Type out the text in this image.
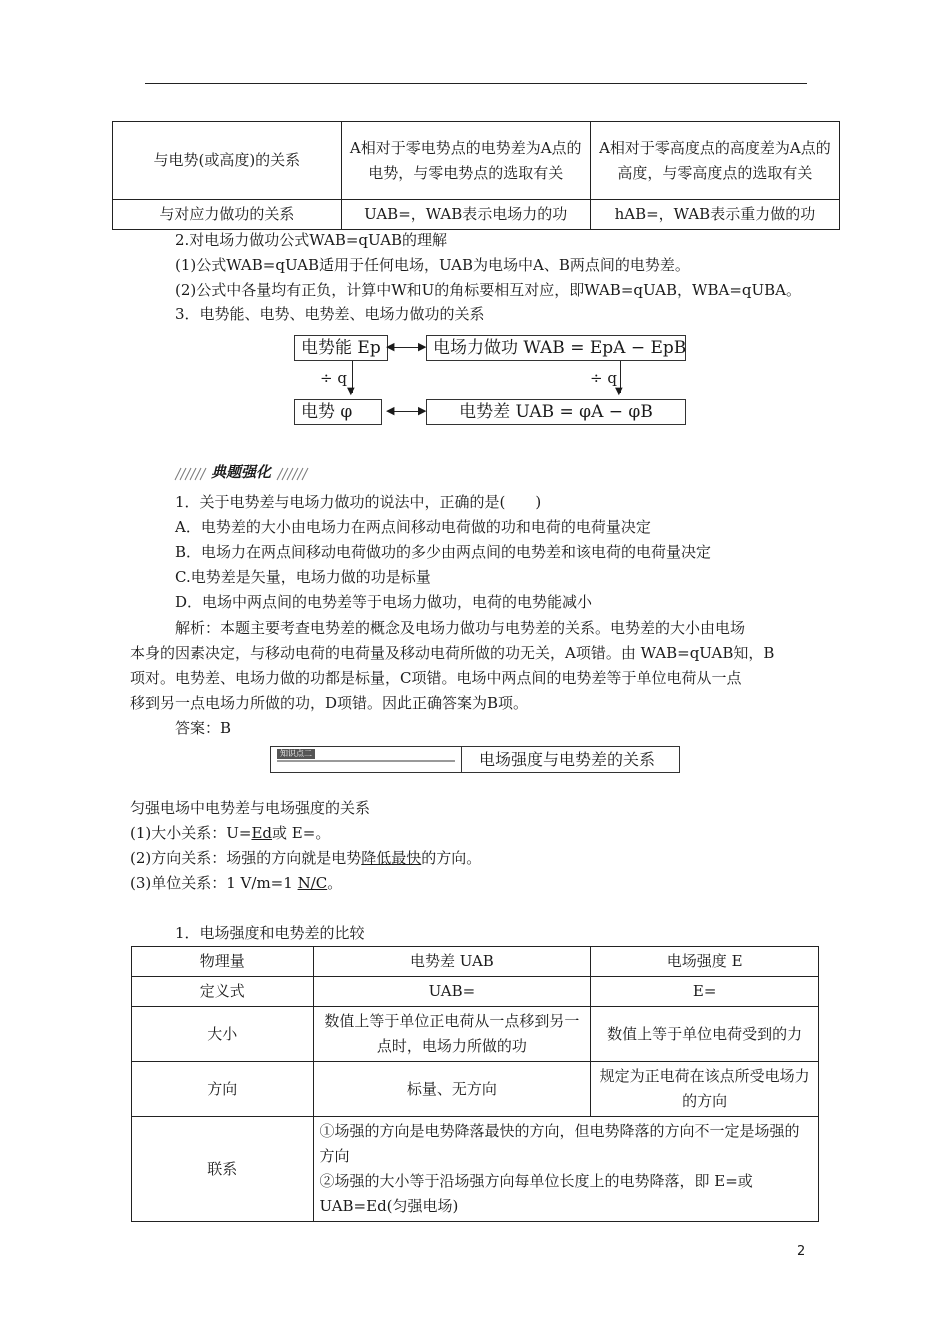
与电势(或高度)的关系	A相对于零电势点的电势差为A点的电势，与零电势点的选取有关	A相对于零高度点的高度差为A点的高度，与零高度点的选取有关
与对应力做功的关系	UAB=，WAB表示电场力的功	hAB=，WAB表示重力做的功
2.对电场力做功公式WAB=qUAB的理解
(1)公式WAB=qUAB适用于任何电场，UAB为电场中A、B两点间的电势差。
(2)公式中各量均有正负，计算中W和U的角标要相互对应，即WAB=qUAB，WBA=qUBA。
3．电势能、电势、电势差、电场力做功的关系
电势能 Ep	电场力做功 WAB = EpA − EpB
电势 φ	电势差 UAB = φA − φB
◀ ▶
◀ ▶
▼
÷ q
▼
÷ q
典题强化
1．关于电势差与电场力做功的说法中，正确的是(　　)
A．电势差的大小由电场力在两点间移动电荷做的功和电荷的电荷量决定
B．电场力在两点间移动电荷做功的多少由两点间的电势差和该电荷的电荷量决定
C.电势差是矢量，电场力做的功是标量
D．电场中两点间的电势差等于电场力做功，电荷的电势能减小
解析：本题主要考查电势差的概念及电场力做功与电势差的关系。电势差的大小由电场
本身的因素决定，与移动电荷的电荷量及移动电荷所做的功无关，A项错。由 WAB=qUAB知，B
项对。电势差、电场力做的功都是标量，C项错。电场中两点间的电势差等于单位电荷从一点
移到另一点电场力所做的功，D项错。因此正确答案为B项。
答案：B
知识点二	电场强度与电势差的关系
匀强电场中电势差与电场强度的关系
(1)大小关系：U=Ed或 E=。
(2)方向关系：场强的方向就是电势降低最快的方向。
(3)单位关系：1 V/m=1 N/C。
1．电场强度和电势差的比较
物理量	电势差 UAB	电场强度 E
定义式	UAB=	E=
大小	数值上等于单位正电荷从一点移到另一点时，电场力所做的功	数值上等于单位电荷受到的力
方向	标量、无方向	规定为正电荷在该点所受电场力的方向
联系	①场强的方向是电势降落最快的方向，但电势降落的方向不一定是场强的方向
②场强的大小等于沿场强方向每单位长度上的电势降落，即 E=或 UAB=Ed(匀强电场)	
2
